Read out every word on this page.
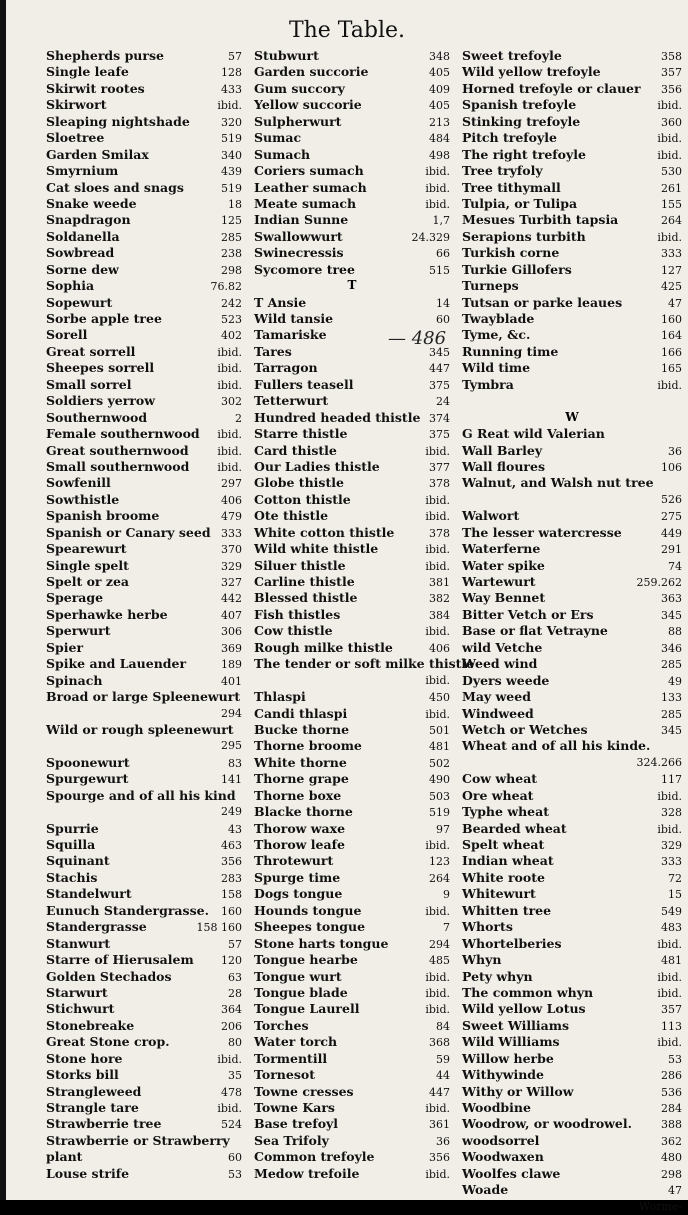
The Table.
Shepherds purse	57
Single leafe	128
Skirwit rootes	433
Skirwort	ibid.
Sleaping nightshade	320
Sloetree	519
Garden Smilax	340
Smyrnium	439
Cat sloes and snags	519
Snake weede	18
Snapdragon	125
Soldanella	285
Sowbread	238
Sorne dew	298
Sophia	76.82
Sopewurt	242
Sorbe apple tree	523
Sorell	402
Great sorrell	ibid.
Sheepes sorrell	ibid.
Small sorrel	ibid.
Soldiers yerrow	302
Southernwood	2
Female southernwood	ibid.
Great southernwood	ibid.
Small southernwood	ibid.
Sowfenill	297
Sowthistle	406
Spanish broome	479
Spanish or Canary seed 333
Spearewurt	370
Single spelt	329
Spelt or zea	327
Sperage	442
Sperhawke herbe	407
Sperwurt	306
Spier	369
Spike and Lauender	189
Spinach	401
Broad or large Spleenewurt
294
Wild or rough spleenewurt
295
Spoonewurt	83
Spurgewurt	141
Spourge and of all his kind
249
Spurrie	43
Squilla	463
Squinant	356
Stachis	283
Standelwurt	158
Eunuch Standergrasse.	160
Standergrasse	158 160
Stanwurt	57
Starre of Hierusalem	120
Golden Stechados	63
Starwurt	28
Stichwurt	364
Stonebreake	206
Great Stone crop.	80
Stone hore	ibid.
Storks bill	35
Strangleweed	478
Strangle tare	ibid.
Strawberrie tree	524
Strawberrie or Strawberry
plant	60
Louse strife	53
Stubwurt	348
Garden succorie	405
Gum succory	409
Yellow succorie	405
Sulpherwurt	213
Sumac	484
Sumach	498
Coriers sumach	ibid.
Leather sumach	ibid.
Meate sumach	ibid.
Indian Sunne	1,7
Swallowwurt	24.329
Swinecressis	66
Sycomore tree	515
T
T Ansie	14
Wild tansie	60
Tamariske
Tares	345
Tarragon	447
Fullers teasell	375
Tetterwurt	24
Hundred headed thistle 374
Starre thistle	375
Card thistle	ibid.
Our Ladies thistle	377
Globe thistle	378
Cotton thistle	ibid.
Ote thistle	ibid.
White cotton thistle	378
Wild white thistle	ibid.
Siluer thistle	ibid.
Carline thistle	381
Blessed thistle	382
Fish thistles	384
Cow thistle	ibid.
Rough milke thistle	406
The tender or soft milke thistle
ibid.
Thlaspi	450
Candi thlaspi	ibid.
Bucke thorne	501
Thorne broome	481
White thorne	502
Thorne grape	490
Thorne boxe	503
Blacke thorne	519
Thorow waxe	97
Thorow leafe	ibid.
Throtewurt	123
Spurge time	264
Dogs tongue	9
Hounds tongue	ibid.
Sheepes tongue	7
Stone harts tongue	294
Tongue hearbe	485
Tongue wurt	ibid.
Tongue blade	ibid.
Tongue Laurell	ibid.
Torches	84
Water torch	368
Tormentill	59
Tornesot	44
Towne cresses	447
Towne Kars	ibid.
Base trefoyl	361
Sea Trifoly	36
Common trefoyle	356
Medow trefoile	ibid.
Sweet trefoyle	358
Wild yellow trefoyle	357
Horned trefoyle or clauer	356
Spanish trefoyle	ibid.
Stinking trefoyle	360
Pitch trefoyle	ibid.
The right trefoyle	ibid.
Tree tryfoly	530
Tree tithymall	261
Tulpia, or Tulipa	155
Mesues Turbith tapsia	264
Serapions turbith	ibid.
Turkish corne	333
Turkie Gillofers	127
Turneps	425
Tutsan or parke leaues	47
Twayblade	160
Tyme, &c.	164
Running time	166
Wild time	165
Tymbra	ibid.
W
G Reat wild Valerian
Wall Barley	36
Wall floures	106
Walnut, and Walsh nut tree
526
Walwort	275
The lesser watercresse	449
Waterferne	291
Water spike	74
Wartewurt	259.262
Way Bennet	363
Bitter Vetch or Ers	345
Base or flat Vetrayne	88
wild Vetche	346
Weed wind	285
Dyers weede	49
May weed	133
Windweed	285
Wetch or Wetches	345
Wheat and of all his kinde.
324.266
Cow wheat	117
Ore wheat	ibid.
Typhe wheat	328
Bearded wheat	ibid.
Spelt wheat	329
Indian wheat	333
White roote	72
Whitewurt	15
Whitten tree	549
Whorts	483
Whortelberies	ibid.
Whyn	481
Pety whyn	ibid.
The common whyn	ibid.
Wild yellow Lotus	357
Sweet Williams	113
Wild Williams	ibid.
Willow herbe	53
Withywinde	286
Withy or Willow	536
Woodbine	284
Woodrow, or woodrowel.	388
woodsorrel	362
Woodwaxen	480
Woolfes clawe	298
Woade	47
Worme-
— 486
